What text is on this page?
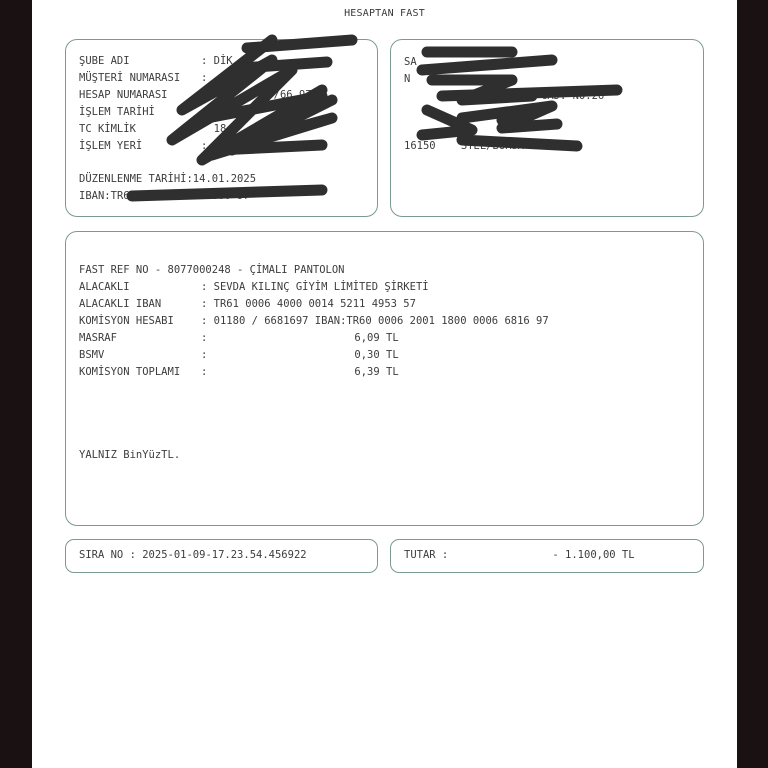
HESAPTAN FAST
ŞUBE ADI	: DİK
MÜŞTERİ NUMARASI :
HESAP NUMARASI	:	/66 97
İŞLEM TARİHİ	25
TC KİMLİK	18
İŞLEM YERİ	:
DÜZENLENME TARİHİ:14.01.2025
IBAN:TR60 0006 2001 1800 97
SA
N
CAD. NO:26
16150    STEL/BURSA
FAST REF NO - 8077000248 - ÇİMALI PANTOLON
ALACAKLI	: SEVDA KILINÇ GİYİM LİMİTED ŞİRKETİ
ALACAKLI IBAN	: TR61 0006 4000 0014 5211 4953 57
KOMİSYON HESABI	: 01180 / 6681697 IBAN:TR60 0006 2001 1800 0006 6816 97
MASRAF	:	6,09 TL
BSMV	:	0,30 TL
KOMİSYON TOPLAMI :	6,39 TL
YALNIZ BinYüzTL.
SIRA NO : 2025-01-09-17.23.54.456922	TUTAR :	- 1.100,00 TL
